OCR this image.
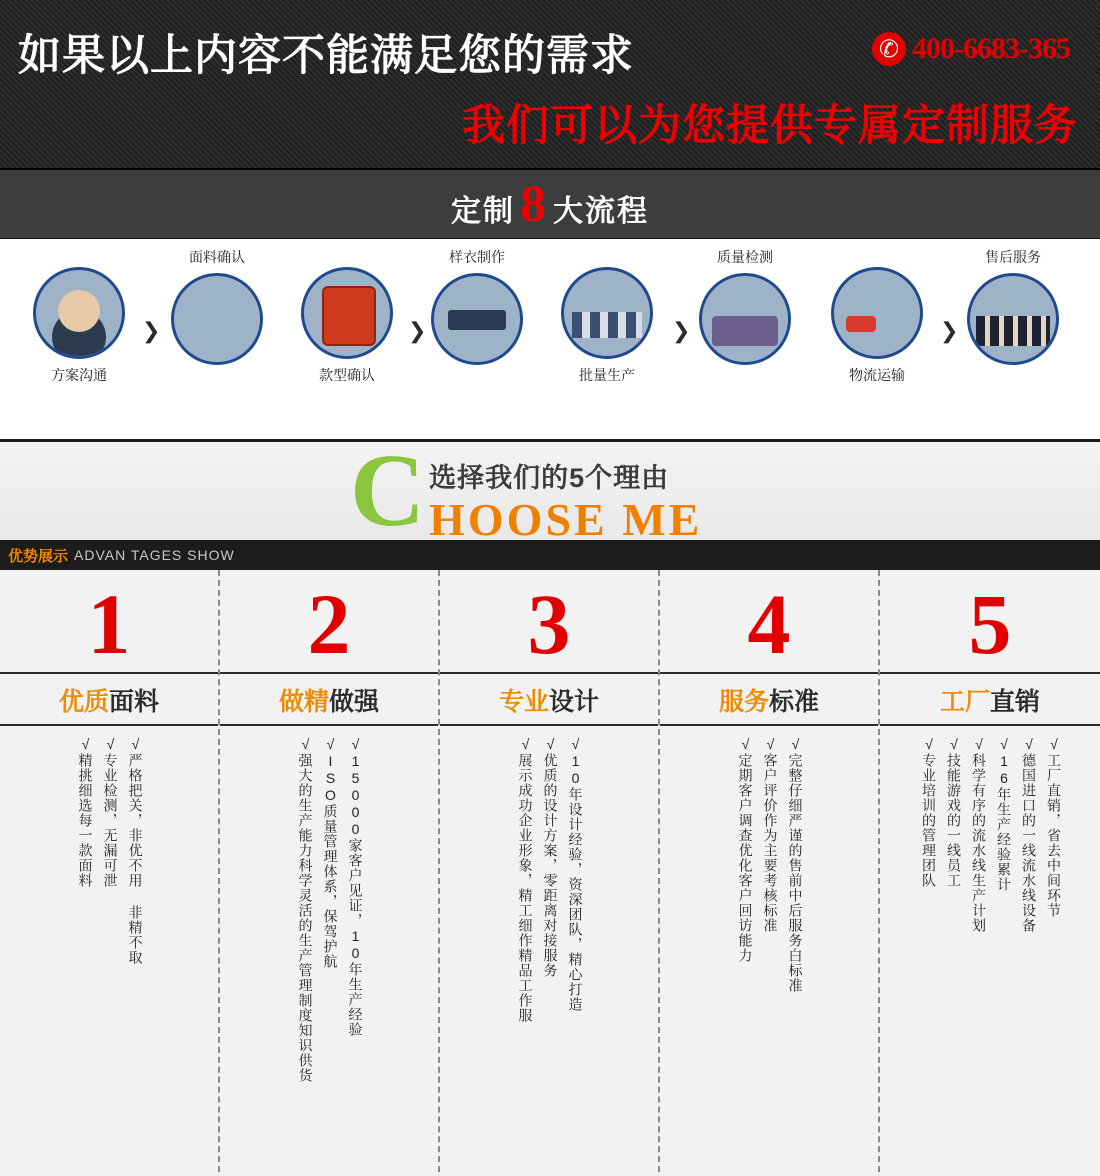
如果以上内容不能满足您的需求	✆ 400-6683-365
我们可以为您提供专属定制服务
定制 8 大流程
方案沟通
❯
面料确认
款型确认
❯
样衣制作
批量生产
❯
质量检测
物流运输
❯
售后服务
C 选择我们的5个理由
HOOSE ME
优势展示 ADVAN TAGES SHOW
1
优质面料
√严格把关，非优不用 非精不取
√专业检测，无漏可泄
√精挑细选每一款面料
2
做精做强
√15000家客户见证，10年生产经验
√ISO质量管理体系，保驾护航
√强大的生产能力科学灵活的生产管理制度知识供货
3
专业设计
√10年设计经验，资深团队，精心打造
√优质的设计方案，零距离对接服务
√展示成功企业形象，精工细作精品工作服
4
服务标准
√完整仔细严谨的售前中后服务白标准
√客户评价作为主要考核标准
√定期客户调查优化客户回访能力
5
工厂直销
√工厂直销，省去中间环节
√德国进口的一线流水线设备
√16年生产经验累计
√科学有序的流水线生产计划
√技能游戏的一线员工
√专业培训的管理团队
